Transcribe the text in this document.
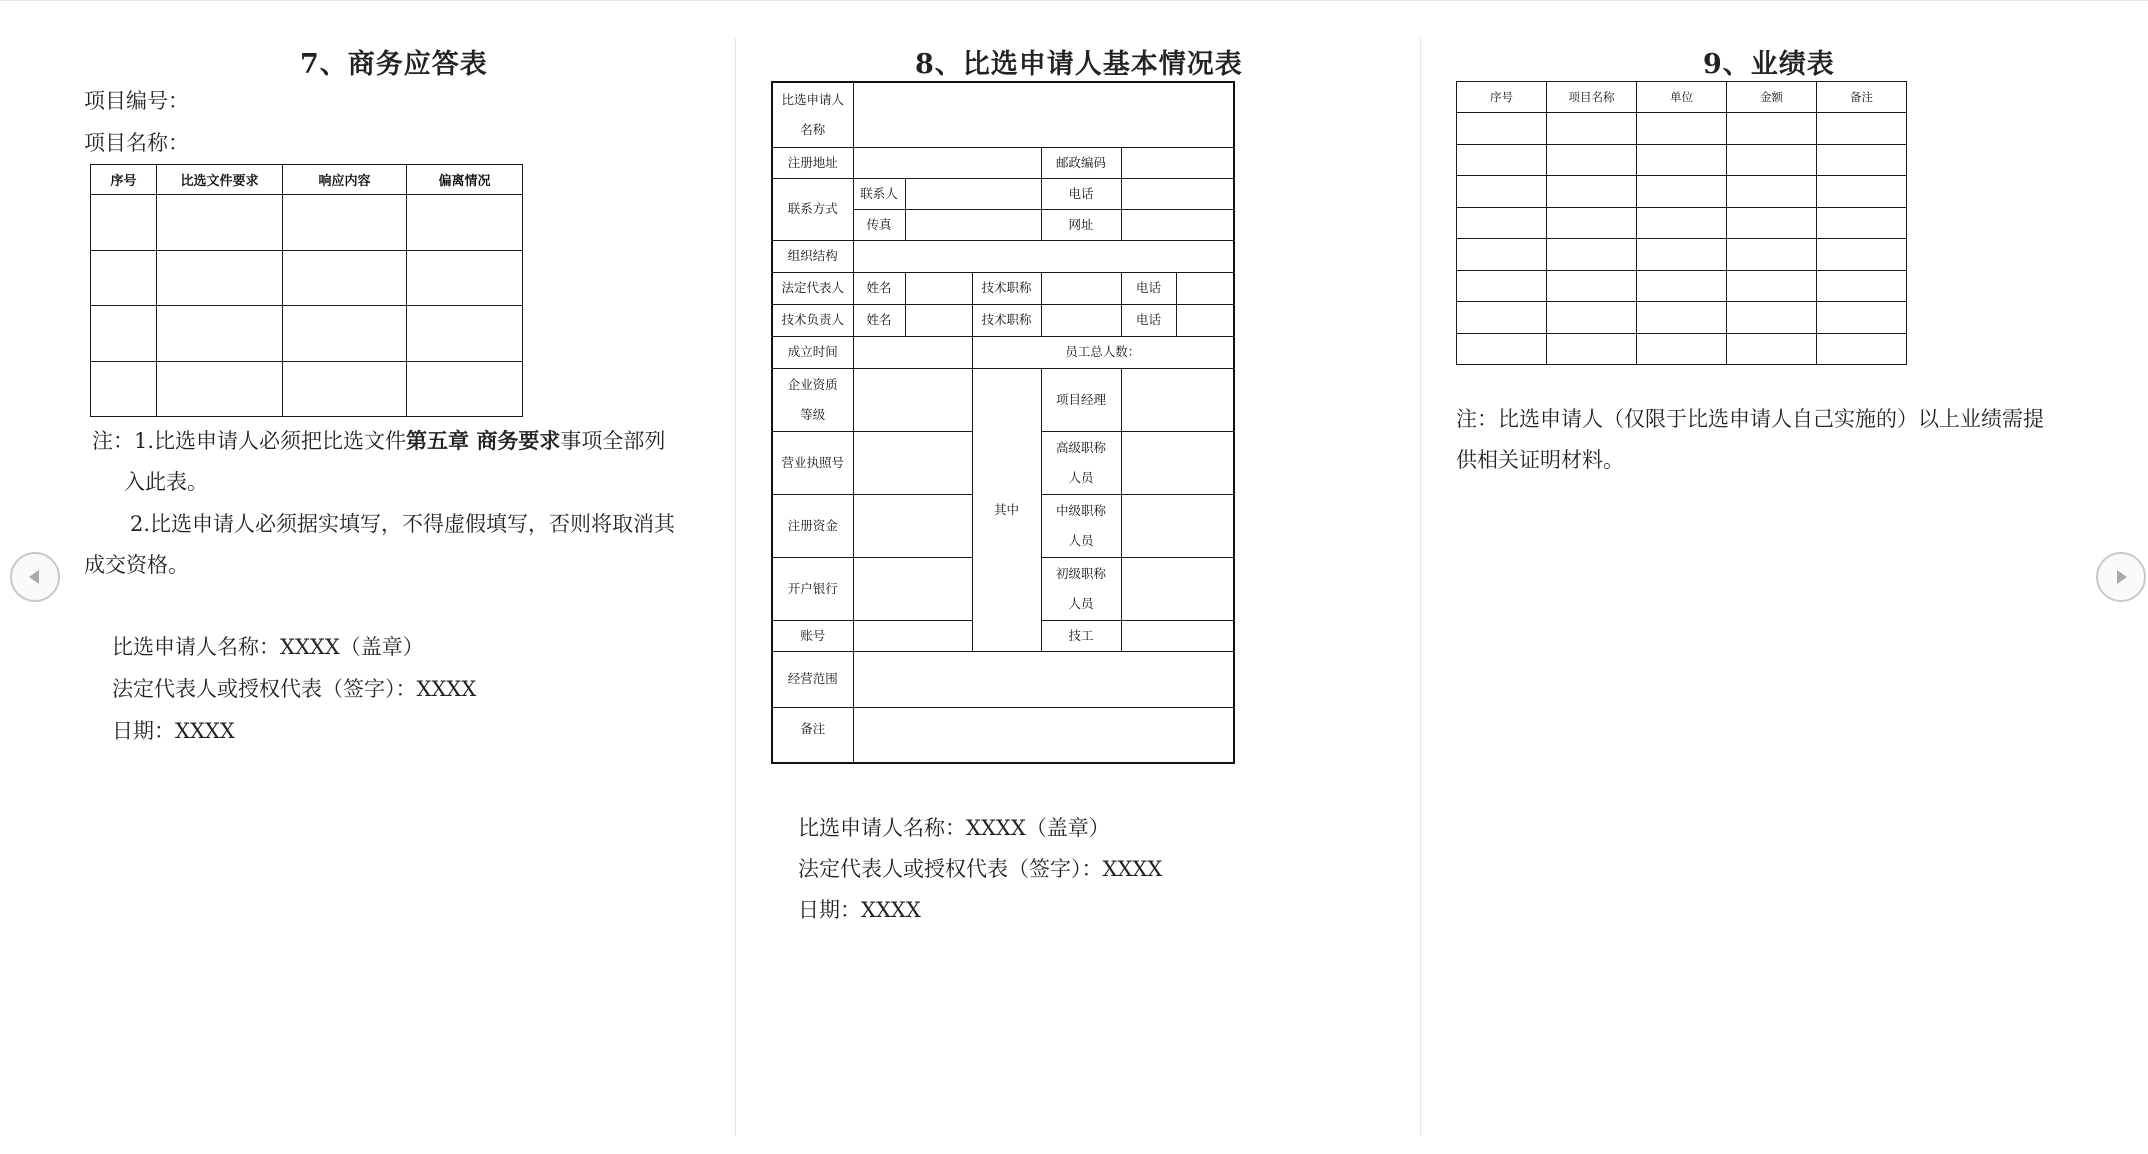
7、商务应答表
项目编号：
项目名称：
序号	比选文件要求	响应内容	偏离情况

注：1.比选申请人必须把比选文件第五章 商务要求事项全部列
入此表。
2.比选申请人必须据实填写，不得虚假填写，否则将取消其
成交资格。
比选申请人名称：XXXX（盖章）
法定代表人或授权代表（签字）：XXXX
日期：XXXX
8、比选申请人基本情况表
比选申请人
名称						
注册地址				邮政编码		
联系方式	联系人			电话		
	传真			网址		
组织结构						
法定代表人	姓名		技术职称		电话	
技术负责人	姓名		技术职称		电话	
成立时间			员工总人数：			
企业资质
等级			其中	项目经理		
营业执照号				高级职称
人员		
注册资金				中级职称
人员		
开户银行				初级职称
人员		
账号				技工		
经营范围						
备注						
比选申请人名称：XXXX（盖章）
法定代表人或授权代表（签字）：XXXX
日期：XXXX
9、业绩表
序号	项目名称	单位	金额	备注

注：比选申请人（仅限于比选申请人自己实施的）以上业绩需提
供相关证明材料。
